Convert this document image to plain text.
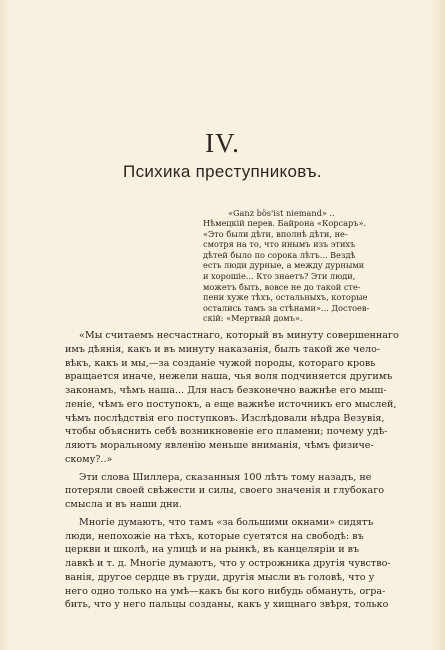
IV.
Психика преступниковъ.
«Ganz bös'ist niemand» ..
Нѣмецкій перев. Байрона «Корсаръ».
«Это были дѣти, вполнѣ дѣти, не-
смотря на то, что инымъ изъ этихъ
дѣтей было по сорока лѣтъ... Вездѣ
есть люди дурные, а между дурными
и хорошіе... Кто знаетъ? Эти люди,
можетъ быть, вовсе не до такой сте-
пени хуже тѣхъ, остальныхъ, которые
остались тамъ за стѣнами»... Достоев-
скій: «Мертвый домъ».
«Мы считаемъ несчастнаго, который въ минуту совершеннаго
имъ дѣянія, какъ и въ минуту наказанія, былъ такой же чело-
вѣкъ, какъ и мы,—за созданіе чужой породы, котораго кровь
вращается иначе, нежели наша, чья воля подчиняется другимъ
законамъ, чѣмъ наша... Для насъ безконечно важнѣе его мыш-
леніе, чѣмъ его поступокъ, а еще важнѣе источникъ его мыслей,
чѣмъ послѣдствія его поступковъ. Изслѣдовали нѣдра Везувія,
чтобы объяснить себѣ возникновеніе его пламени; почему удѣ-
ляютъ моральному явленію меньше вниманія, чѣмъ физиче-
скому?..»
Эти слова Шиллера, сказанныя 100 лѣтъ тому назадъ, не
потеряли своей свѣжести и силы, своего значенія и глубокаго
смысла и въ наши дни.
Многіе думаютъ, что тамъ «за большими окнами» сидятъ
люди, непохожіе на тѣхъ, которые суетятся на свободѣ: въ
церкви и школѣ, на улицѣ и на рынкѣ, въ канцеляріи и въ
лавкѣ и т. д. Многіе думаютъ, что у острожника другія чувство-
ванія, другое сердце въ груди, другія мысли въ головѣ, что у
него одно только на умѣ—какъ бы кого нибудь обмануть, огра-
бить, что у него пальцы созданы, какъ у хищнаго звѣря, только
